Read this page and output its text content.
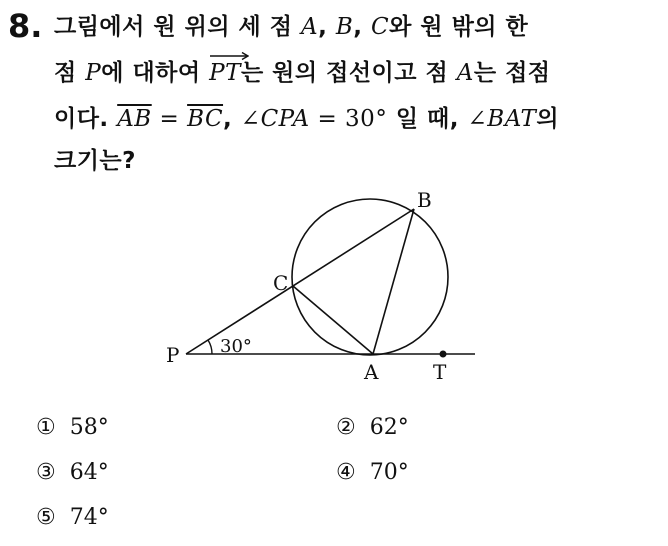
8. 그림에서 원 위의 세 점 A, B, C와 원 밖의 한
점 P에 대하여
PT는 원의 접선이고 점 A는 접점
이다. $\overline{AB} = \overline{BC}$, ∠CPA = 30° 일 때, ∠BAT의
크기는?
B
C
P
A	T
30°
① 58°	② 62°
③ 64°	④ 70°
⑤ 74°
